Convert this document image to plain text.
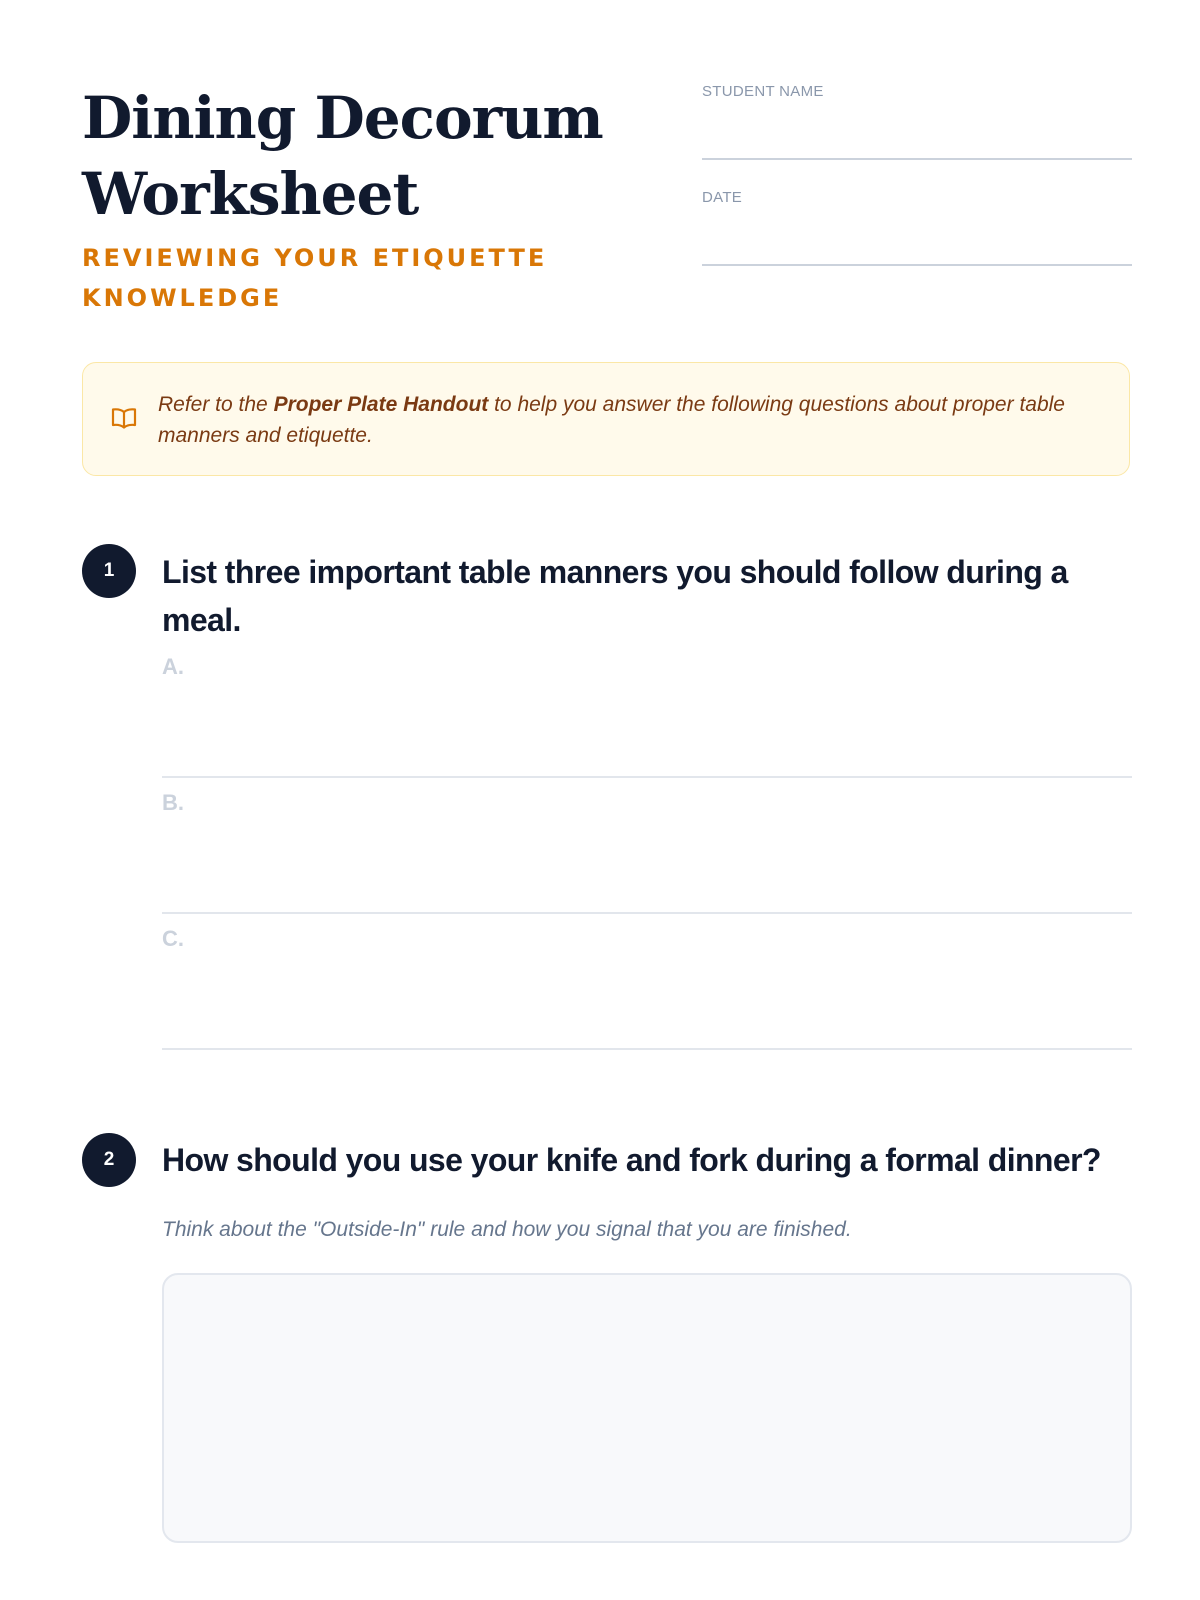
Dining Decorum Worksheet
REVIEWING YOUR ETIQUETTE KNOWLEDGE
STUDENT NAME
DATE
Refer to the Proper Plate Handout to help you answer the following questions about proper table manners and etiquette.
1	List three important table manners you should follow during a meal.
A.
B.
C.
2	How should you use your knife and fork during a formal dinner?
Think about the "Outside-In" rule and how you signal that you are finished.
